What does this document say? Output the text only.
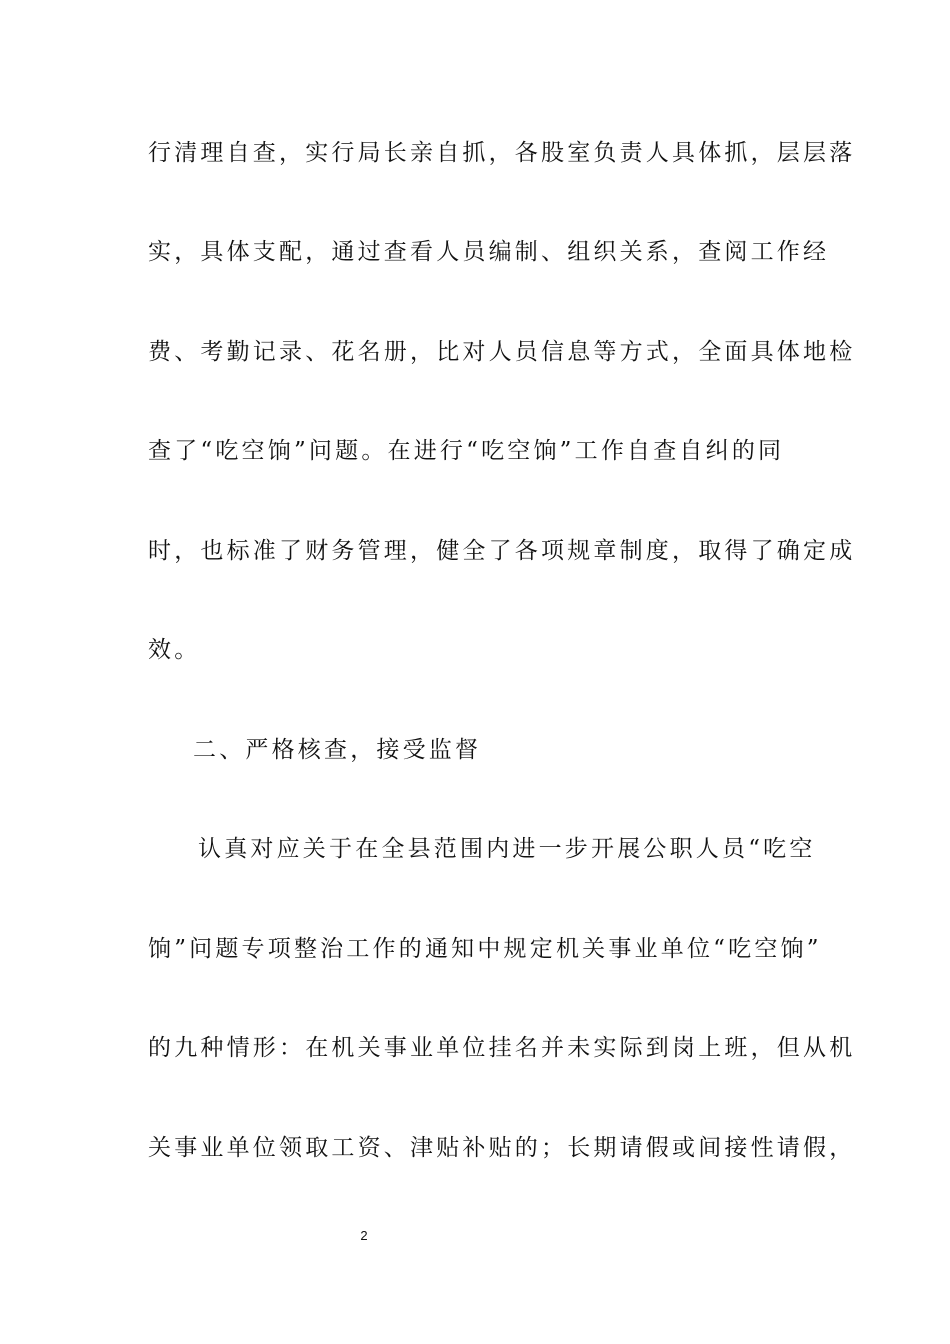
行清理自查，实行局长亲自抓，各股室负责人具体抓，层层落
实，具体支配，通过查看人员编制、组织关系，查阅工作经
费、考勤记录、花名册，比对人员信息等方式，全面具体地检
查了“吃空饷”问题。在进行“吃空饷”工作自查自纠的同
时，也标准了财务管理，健全了各项规章制度，取得了确定成
效。
二、严格核查，接受监督
认真对应关于在全县范围内进一步开展公职人员“吃空
饷”问题专项整治工作的通知中规定机关事业单位“吃空饷”
的九种情形：在机关事业单位挂名并未实际到岗上班，但从机
关事业单位领取工资、津贴补贴的；长期请假或间接性请假，
2
